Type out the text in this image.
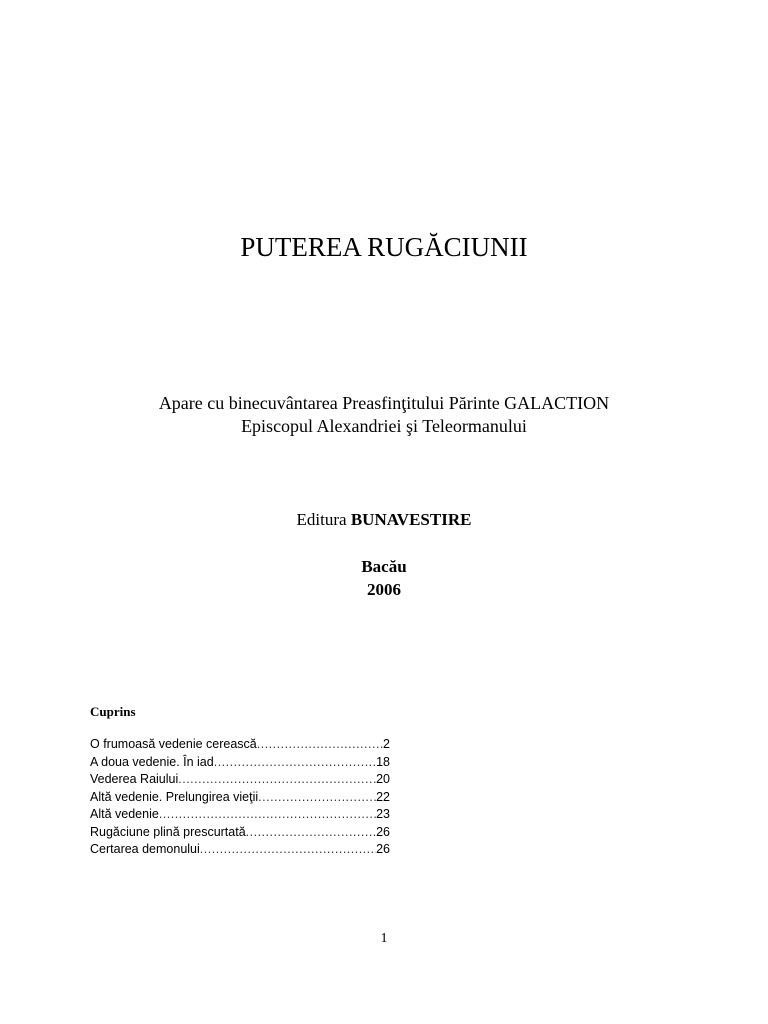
PUTEREA RUGĂCIUNII
Apare cu binecuvântarea Preasfinţitului Părinte GALACTION
Episcopul Alexandriei şi Teleormanului
Editura BUNAVESTIRE
Bacău
2006
Cuprins
O frumoasă vedenie cerească .....	2
A doua vedenie. În iad .....	18
Vederea Raiului .....	20
Altă vedenie. Prelungirea vieţii .....	22
Altă vedenie .....	23
Rugăciune plină prescurtată .....	26
Certarea demonului .....	26
1
